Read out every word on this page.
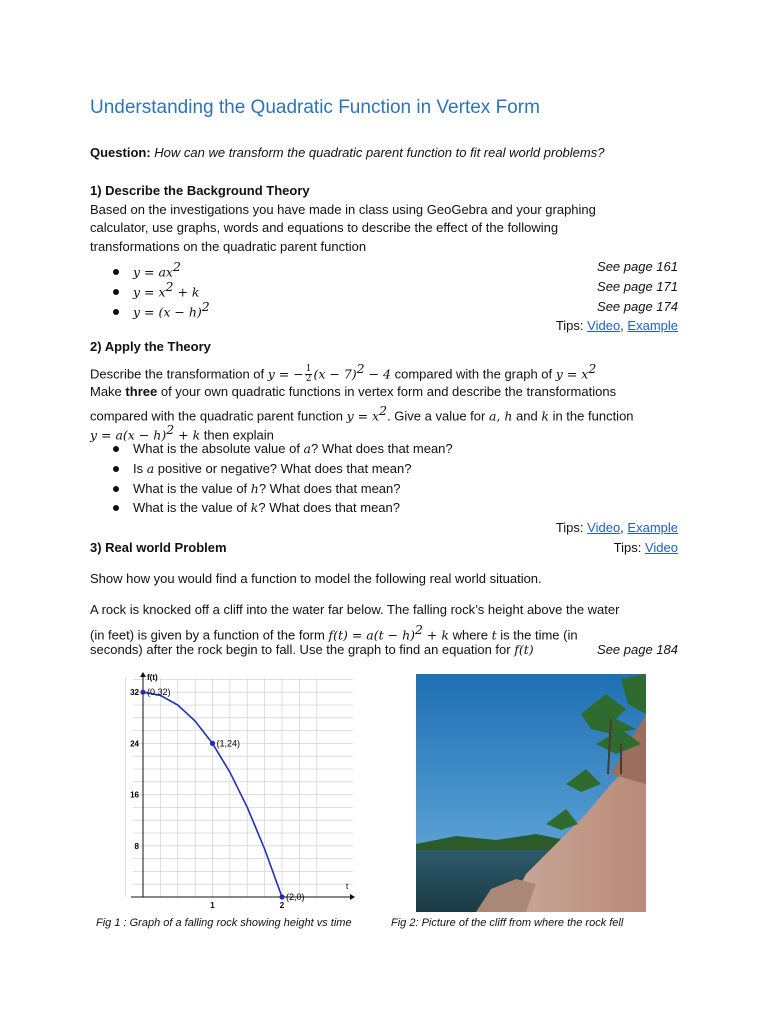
Understanding the Quadratic Function in Vertex Form
Question: How can we transform the quadratic parent function to fit real world problems?
1) Describe the Background Theory
Based on the investigations you have made in class using GeoGebra and your graphing
calculator, use graphs, words and equations to describe the effect of the following
transformations on the quadratic parent function
$y = ax^2$	See page 161
$y = x^2 + k$	See page 171
$y = (x - h)^2$	See page 174
Tips: Video, Example
2) Apply the Theory
Describe the transformation of y = − $\frac{1}{2} (x - 7)^2 - 4$ compared with the graph of $y = x^2$
Make three of your own quadratic functions in vertex form and describe the transformations
compared with the quadratic parent function $y = x^2$. Give a value for a, h and k in the function
$y = a(x - h)^2 + k$ then explain
What is the absolute value of a? What does that mean?
Is a positive or negative? What does that mean?
What is the value of h? What does that mean?
What is the value of k? What does that mean?
Tips: Video, Example
3) Real world Problem	Tips: Video
Show how you would find a function to model the following real world situation.
A rock is knocked off a cliff into the water far below. The falling rock’s height above the water
(in feet) is given by a function of the form $f(t) = a(t - h)^2 + k$ where t is the time (in
seconds) after the rock begin to fall. Use the graph to find an equation for f(t)	See page 184
t
f(t)
8
16
24
32
1	2
(0,32)
(1,24)
(2,0)
Fig 1 : Graph of a falling rock showing height vs time	Fig 2: Picture of the cliff from where the rock fell
